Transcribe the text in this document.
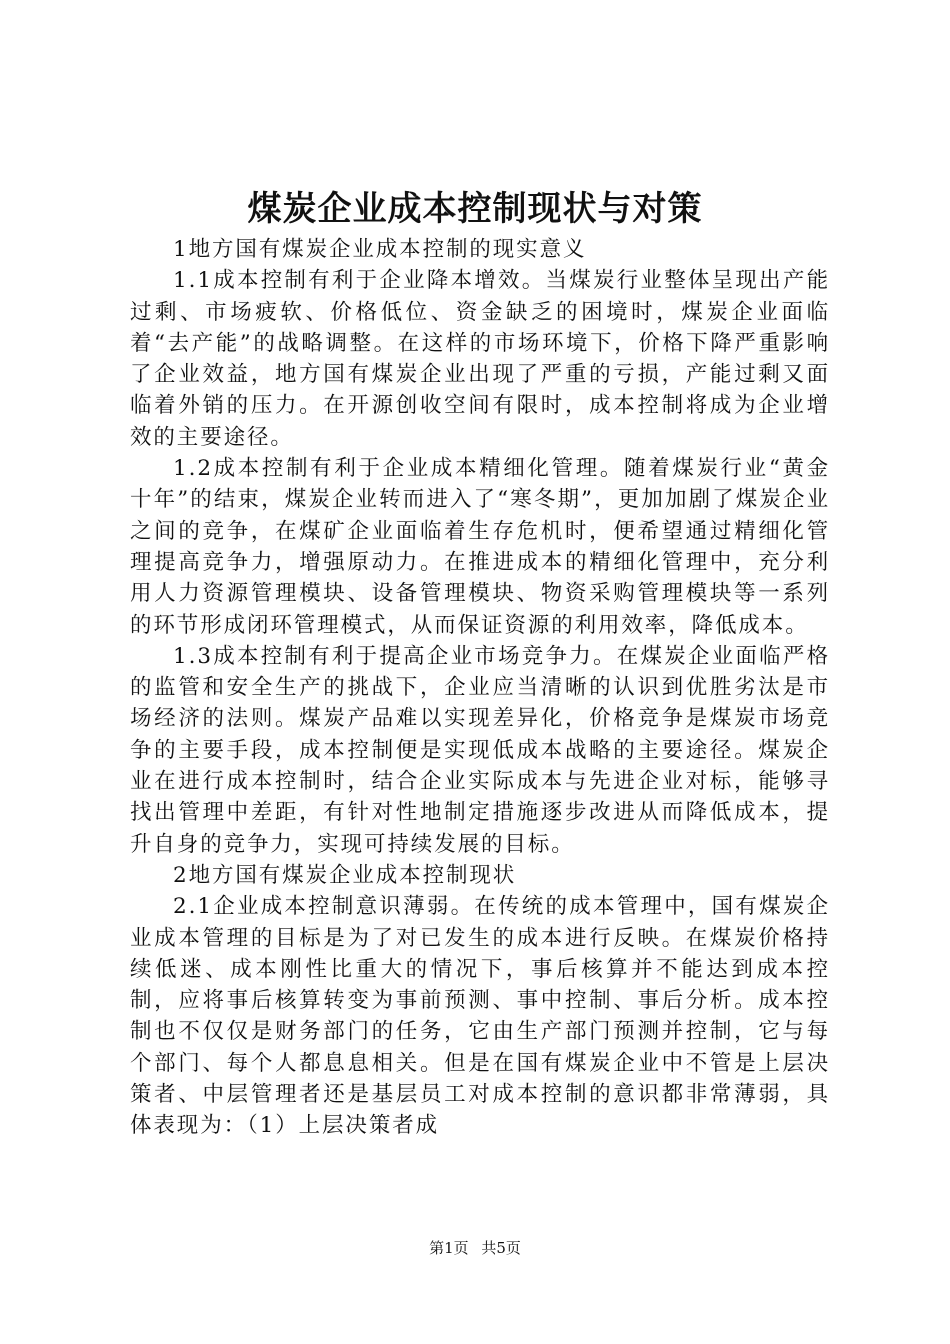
煤炭企业成本控制现状与对策

1地方国有煤炭企业成本控制的现实意义

1.1成本控制有利于企业降本增效。当煤炭行业整体呈现出产能过剩、市场疲软、价格低位、资金缺乏的困境时，煤炭企业面临着“去产能”的战略调整。在这样的市场环境下，价格下降严重影响了企业效益，地方国有煤炭企业出现了严重的亏损，产能过剩又面临着外销的压力。在开源创收空间有限时，成本控制将成为企业增效的主要途径。

1.2成本控制有利于企业成本精细化管理。随着煤炭行业“黄金十年”的结束，煤炭企业转而进入了“寒冬期”，更加加剧了煤炭企业之间的竞争，在煤矿企业面临着生存危机时，便希望通过精细化管理提高竞争力，增强原动力。在推进成本的精细化管理中，充分利用人力资源管理模块、设备管理模块、物资采购管理模块等一系列的环节形成闭环管理模式，从而保证资源的利用效率，降低成本。

1.3成本控制有利于提高企业市场竞争力。在煤炭企业面临严格的监管和安全生产的挑战下，企业应当清晰的认识到优胜劣汰是市场经济的法则。煤炭产品难以实现差异化，价格竞争是煤炭市场竞争的主要手段，成本控制便是实现低成本战略的主要途径。煤炭企业在进行成本控制时，结合企业实际成本与先进企业对标，能够寻找出管理中差距，有针对性地制定措施逐步改进从而降低成本，提升自身的竞争力，实现可持续发展的目标。

2地方国有煤炭企业成本控制现状

2.1企业成本控制意识薄弱。在传统的成本管理中，国有煤炭企业成本管理的目标是为了对已发生的成本进行反映。在煤炭价格持续低迷、成本刚性比重大的情况下，事后核算并不能达到成本控制，应将事后核算转变为事前预测、事中控制、事后分析。成本控制也不仅仅是财务部门的任务，它由生产部门预测并控制，它与每个部门、每个人都息息相关。但是在国有煤炭企业中不管是上层决策者、中层管理者还是基层员工对成本控制的意识都非常薄弱，具体表现为：（1）上层决策者成

第1页 共5页
